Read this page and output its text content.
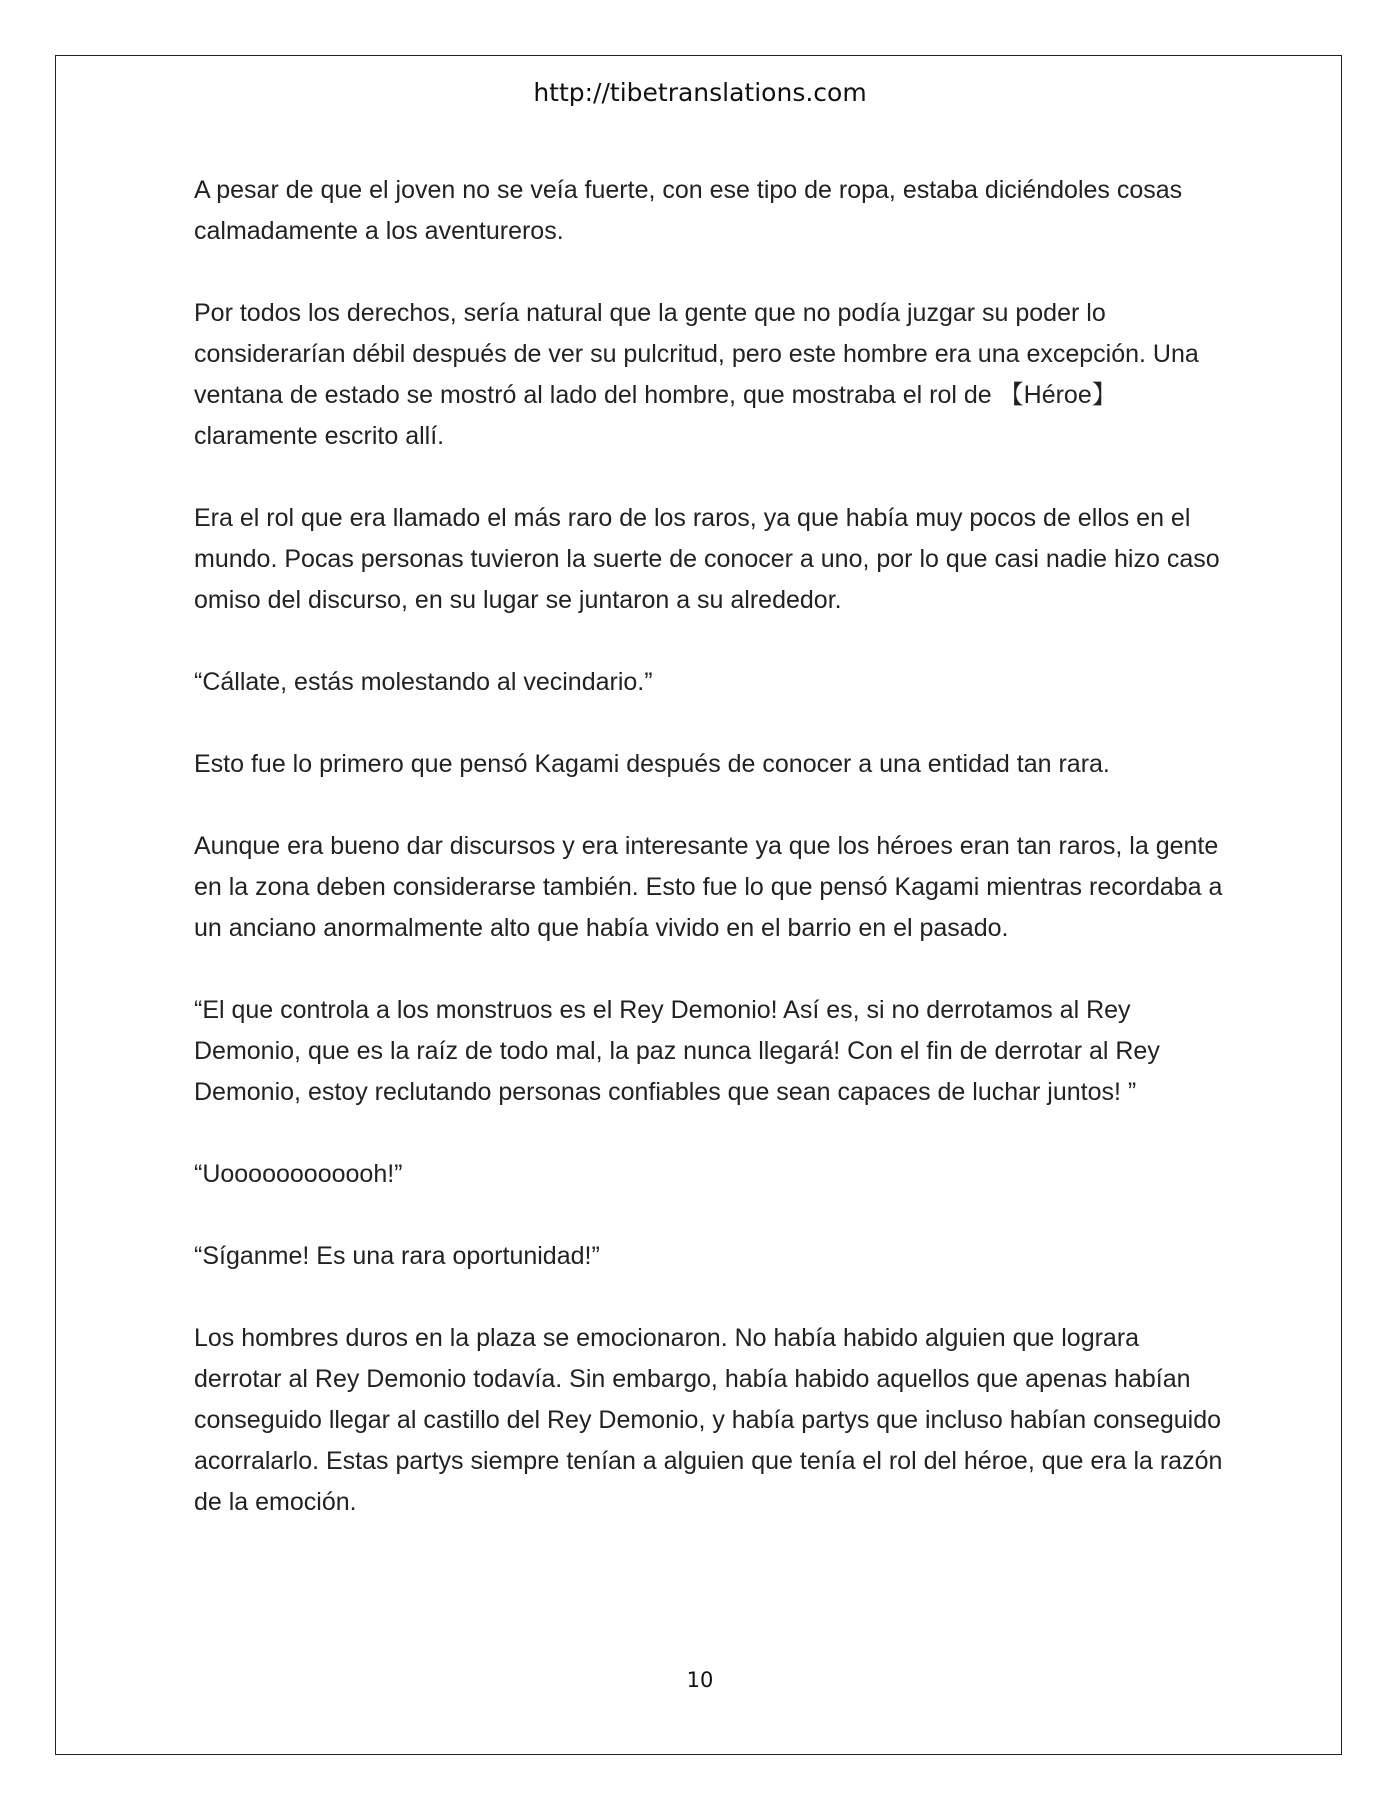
http://tibetranslations.com

A pesar de que el joven no se veía fuerte, con ese tipo de ropa, estaba diciéndoles cosas calmadamente a los aventureros.

Por todos los derechos, sería natural que la gente que no podía juzgar su poder lo considerarían débil después de ver su pulcritud, pero este hombre era una excepción. Una ventana de estado se mostró al lado del hombre, que mostraba el rol de 【Héroe】 claramente escrito allí.

Era el rol que era llamado el más raro de los raros, ya que había muy pocos de ellos en el mundo. Pocas personas tuvieron la suerte de conocer a uno, por lo que casi nadie hizo caso omiso del discurso, en su lugar se juntaron a su alrededor.

“Cállate, estás molestando al vecindario.”

Esto fue lo primero que pensó Kagami después de conocer a una entidad tan rara.

Aunque era bueno dar discursos y era interesante ya que los héroes eran tan raros, la gente en la zona deben considerarse también. Esto fue lo que pensó Kagami mientras recordaba a un anciano anormalmente alto que había vivido en el barrio en el pasado.

“El que controla a los monstruos es el Rey Demonio! Así es, si no derrotamos al Rey Demonio, que es la raíz de todo mal, la paz nunca llegará! Con el fin de derrotar al Rey Demonio, estoy reclutando personas confiables que sean capaces de luchar juntos! ”

“Uoooooooooooh!”

“Síganme! Es una rara oportunidad!”

Los hombres duros en la plaza se emocionaron. No había habido alguien que lograra derrotar al Rey Demonio todavía. Sin embargo, había habido aquellos que apenas habían conseguido llegar al castillo del Rey Demonio, y había partys que incluso habían conseguido acorralarlo. Estas partys siempre tenían a alguien que tenía el rol del héroe, que era la razón de la emoción.

10
